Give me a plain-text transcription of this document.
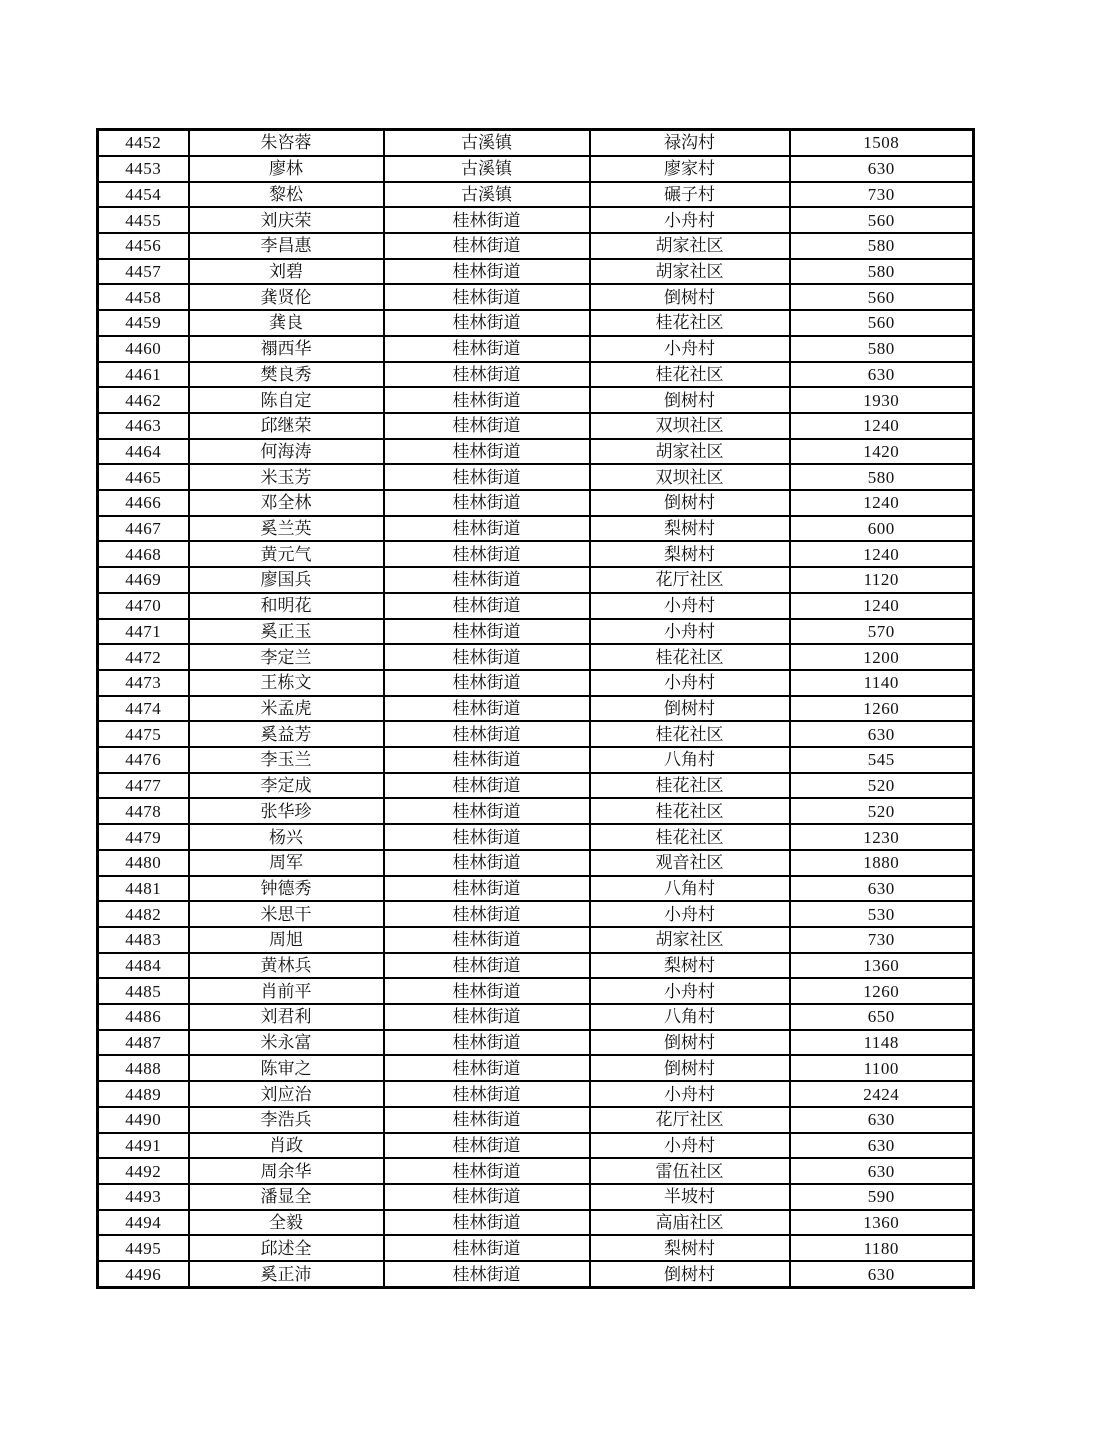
4452	朱咨蓉	古溪镇	禄沟村	1508
4453	廖林	古溪镇	廖家村	630
4454	黎松	古溪镇	碾子村	730
4455	刘庆荣	桂林街道	小舟村	560
4456	李昌惠	桂林街道	胡家社区	580
4457	刘碧	桂林街道	胡家社区	580
4458	龚贤伦	桂林街道	倒树村	560
4459	龚良	桂林街道	桂花社区	560
4460	禤西华	桂林街道	小舟村	580
4461	樊良秀	桂林街道	桂花社区	630
4462	陈自定	桂林街道	倒树村	1930
4463	邱继荣	桂林街道	双坝社区	1240
4464	何海涛	桂林街道	胡家社区	1420
4465	米玉芳	桂林街道	双坝社区	580
4466	邓全林	桂林街道	倒树村	1240
4467	奚兰英	桂林街道	梨树村	600
4468	黄元气	桂林街道	梨树村	1240
4469	廖国兵	桂林街道	花厅社区	1120
4470	和明花	桂林街道	小舟村	1240
4471	奚正玉	桂林街道	小舟村	570
4472	李定兰	桂林街道	桂花社区	1200
4473	王栋文	桂林街道	小舟村	1140
4474	米孟虎	桂林街道	倒树村	1260
4475	奚益芳	桂林街道	桂花社区	630
4476	李玉兰	桂林街道	八角村	545
4477	李定成	桂林街道	桂花社区	520
4478	张华珍	桂林街道	桂花社区	520
4479	杨兴	桂林街道	桂花社区	1230
4480	周军	桂林街道	观音社区	1880
4481	钟德秀	桂林街道	八角村	630
4482	米思干	桂林街道	小舟村	530
4483	周旭	桂林街道	胡家社区	730
4484	黄林兵	桂林街道	梨树村	1360
4485	肖前平	桂林街道	小舟村	1260
4486	刘君利	桂林街道	八角村	650
4487	米永富	桂林街道	倒树村	1148
4488	陈审之	桂林街道	倒树村	1100
4489	刘应治	桂林街道	小舟村	2424
4490	李浩兵	桂林街道	花厅社区	630
4491	肖政	桂林街道	小舟村	630
4492	周余华	桂林街道	雷伍社区	630
4493	潘显全	桂林街道	半坡村	590
4494	全毅	桂林街道	高庙社区	1360
4495	邱述全	桂林街道	梨树村	1180
4496	奚正沛	桂林街道	倒树村	630
